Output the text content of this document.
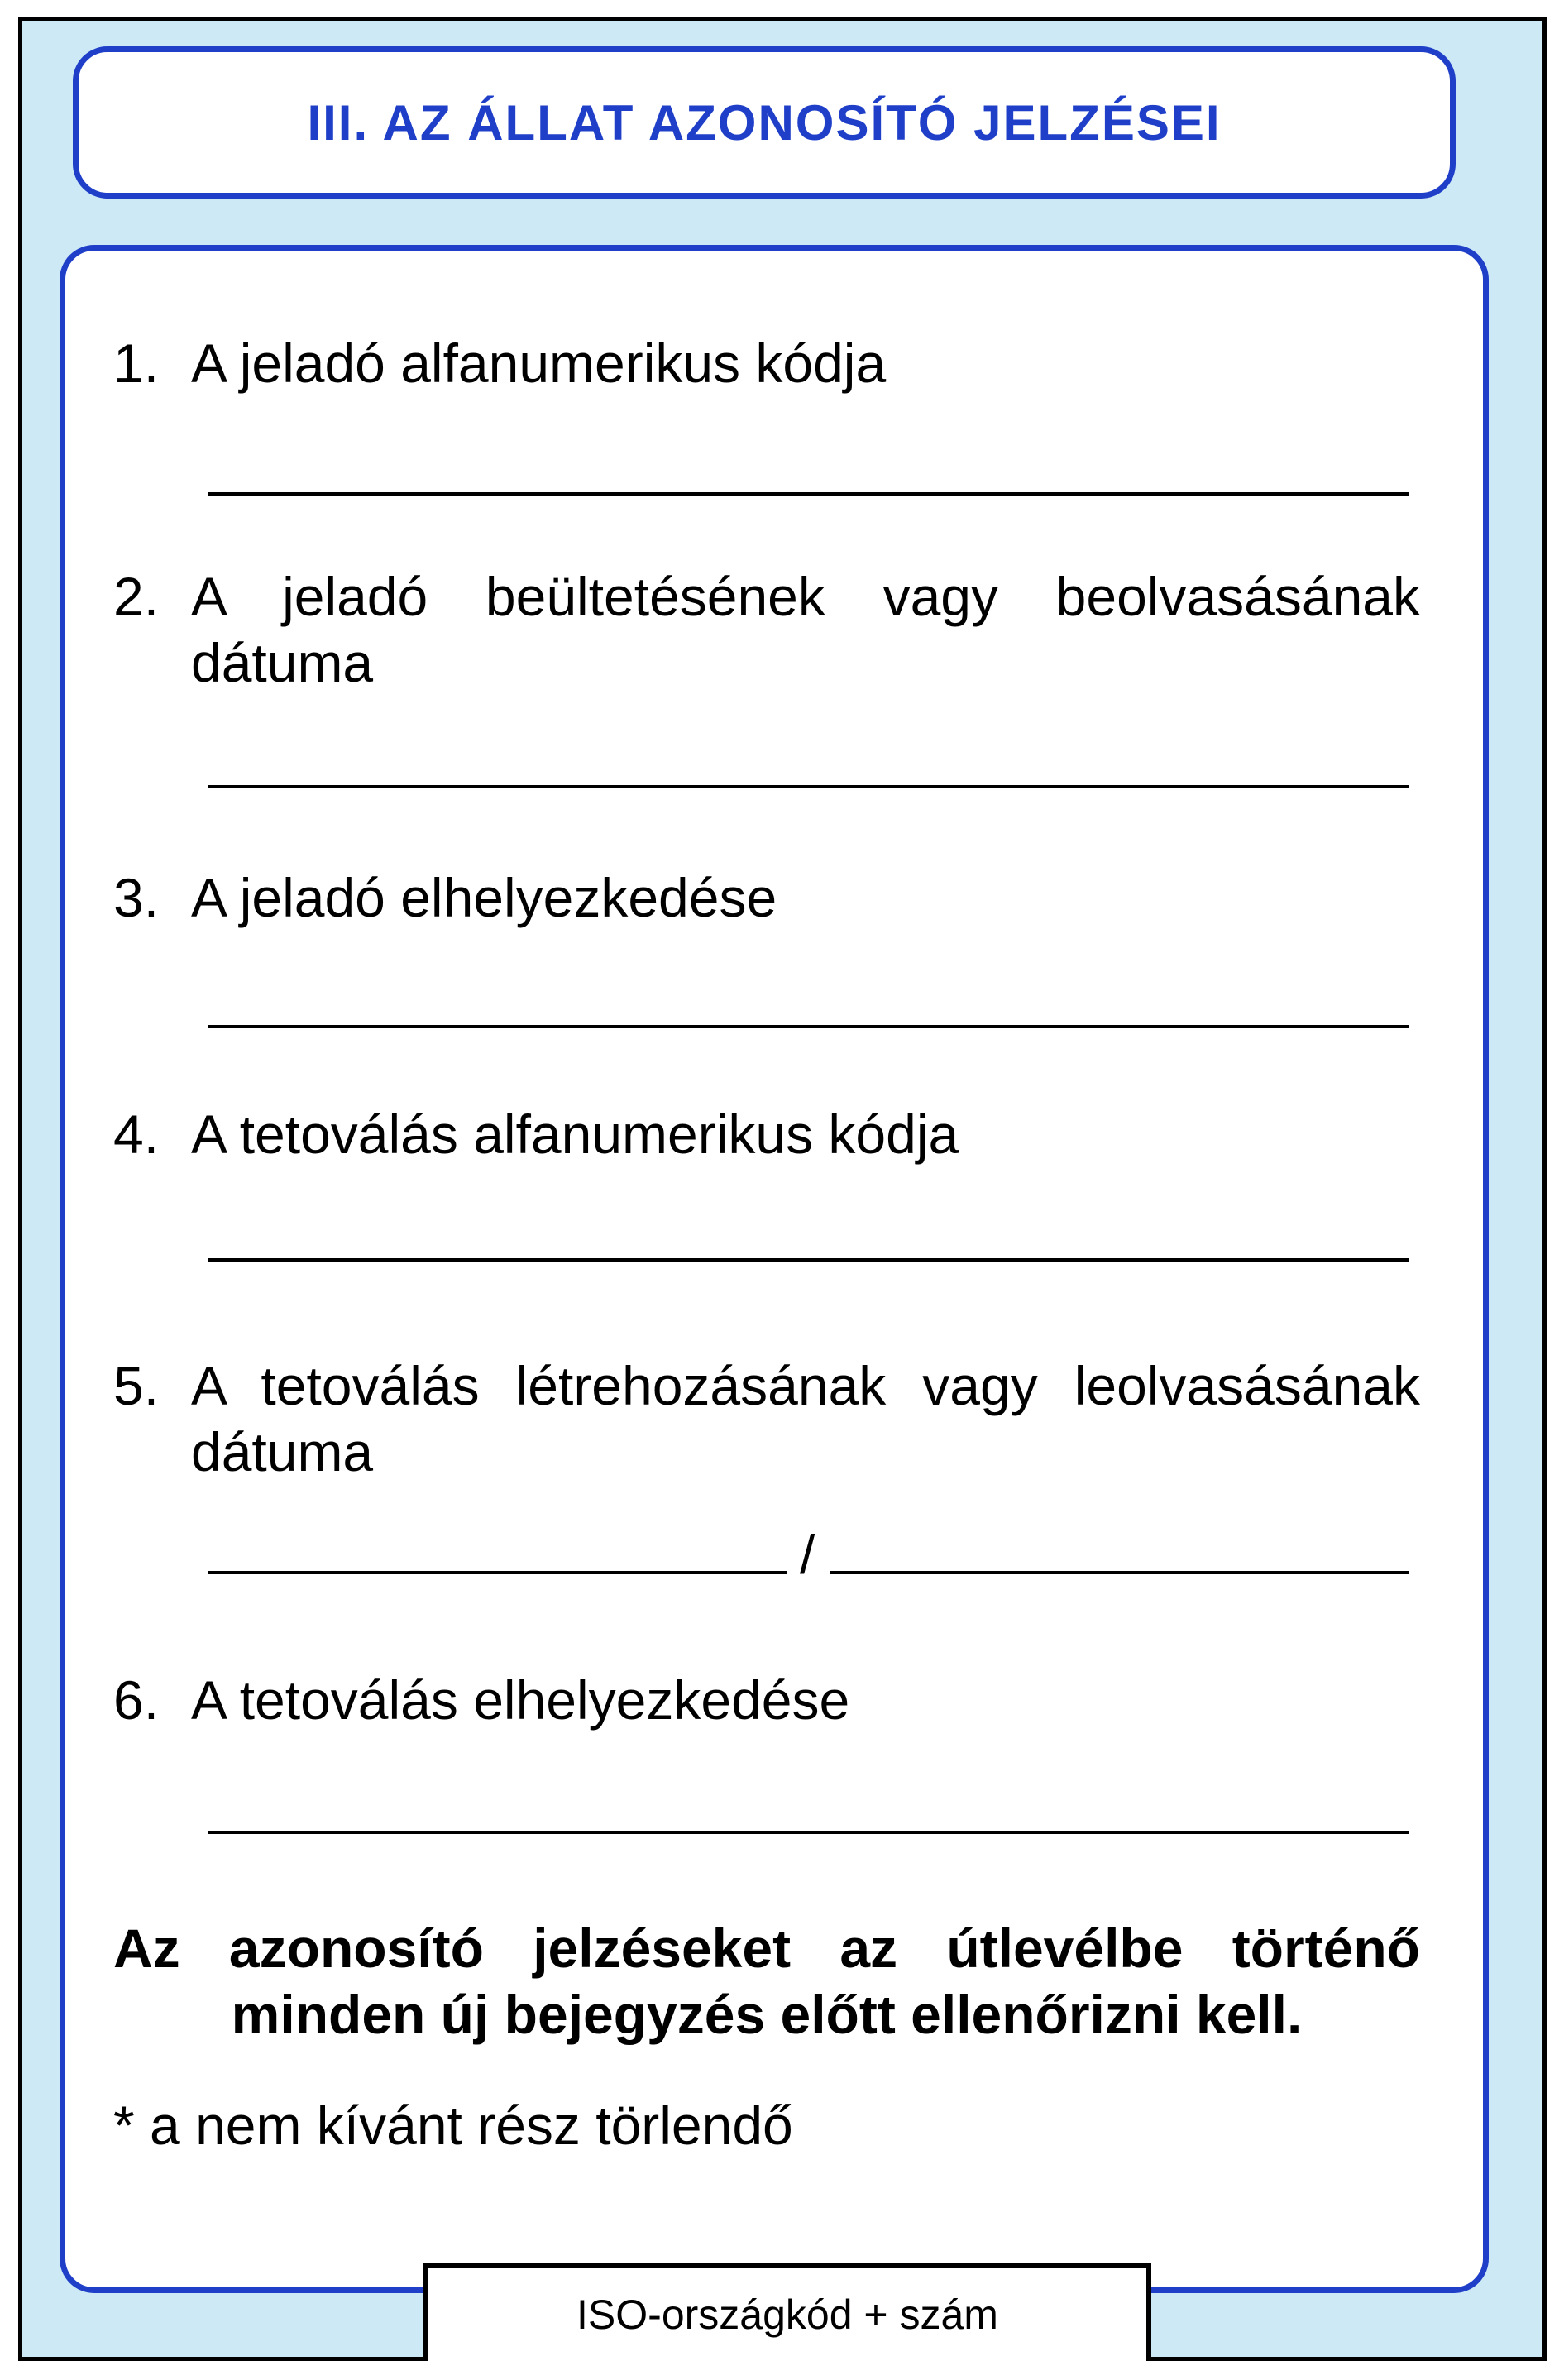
III. AZ ÁLLAT AZONOSÍTÓ JELZÉSEI
1. A jeladó alfanumerikus kódja
2. A jeladó beültetésének vagy beolvasásának
dátuma
3. A jeladó elhelyezkedése
4. A tetoválás alfanumerikus kódja
5. A tetoválás létrehozásának vagy leolvasásának
dátuma
/
6. A tetoválás elhelyezkedése
Az azonosító jelzéseket az útlevélbe történő
minden új bejegyzés előtt ellenőrizni kell.
* a nem kívánt rész törlendő
ISO-országkód + szám
